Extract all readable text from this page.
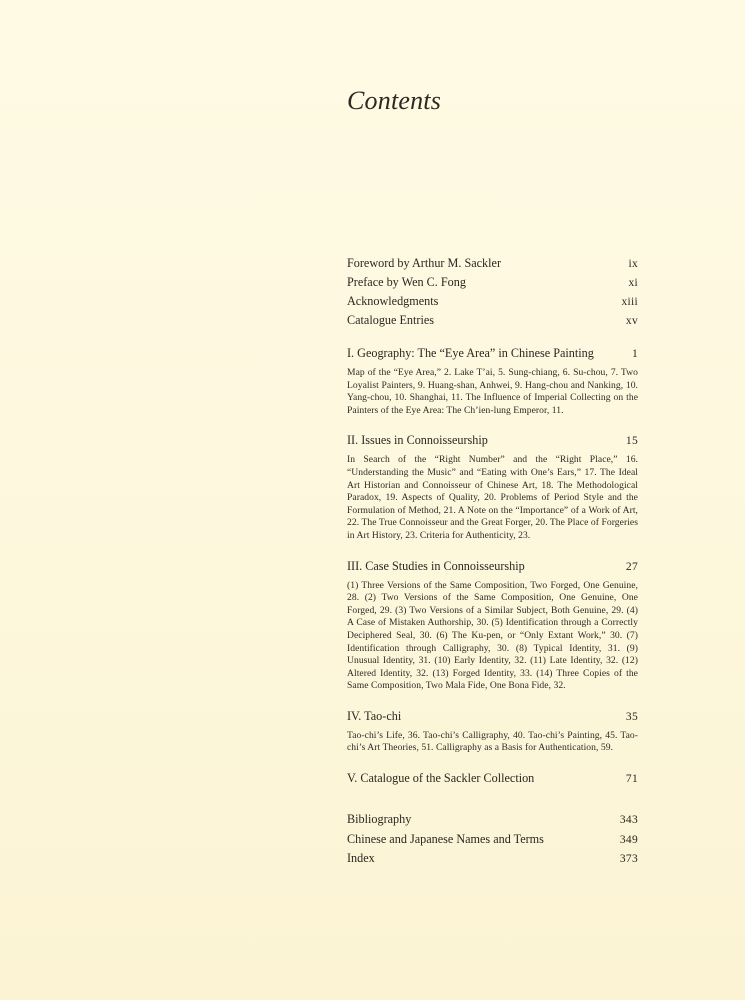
Contents
Foreword by Arthur M. Sackler	ix
Preface by Wen C. Fong	xi
Acknowledgments	xiii
Catalogue Entries	xv
I. Geography: The “Eye Area” in Chinese Painting	1
Map of the “Eye Area,” 2. Lake T’ai, 5. Sung-chiang, 6. Su-chou, 7. Two Loyalist Painters, 9. Huang-shan, Anhwei, 9. Hang-chou and Nanking, 10. Yang-chou, 10. Shanghai, 11. The Influence of Imperial Collecting on the Painters of the Eye Area: The Ch’ien-lung Emperor, 11.
II. Issues in Connoisseurship	15
In Search of the “Right Number” and the “Right Place,” 16. “Understanding the Music” and “Eating with One’s Ears,” 17. The Ideal Art Historian and Connoisseur of Chinese Art, 18. The Methodological Paradox, 19. Aspects of Quality, 20. Problems of Period Style and the Formulation of Method, 21. A Note on the “Importance” of a Work of Art, 22. The True Connoisseur and the Great Forger, 20. The Place of Forgeries in Art History, 23. Criteria for Authenticity, 23.
III. Case Studies in Connoisseurship	27
(1) Three Versions of the Same Composition, Two Forged, One Genuine, 28. (2) Two Versions of the Same Composition, One Genuine, One Forged, 29. (3) Two Versions of a Similar Subject, Both Genuine, 29. (4) A Case of Mistaken Authorship, 30. (5) Identification through a Correctly Deciphered Seal, 30. (6) The Ku-pen, or “Only Extant Work,” 30. (7) Identification through Calligraphy, 30. (8) Typical Identity, 31. (9) Unusual Identity, 31. (10) Early Identity, 32. (11) Late Identity, 32. (12) Altered Identity, 32. (13) Forged Identity, 33. (14) Three Copies of the Same Composition, Two Mala Fide, One Bona Fide, 32.
IV. Tao-chi	35
Tao-chi’s Life, 36. Tao-chi’s Calligraphy, 40. Tao-chi’s Painting, 45. Tao-chi’s Art Theories, 51. Calligraphy as a Basis for Authentication, 59.
V. Catalogue of the Sackler Collection	71
Bibliography	343
Chinese and Japanese Names and Terms	349
Index	373
